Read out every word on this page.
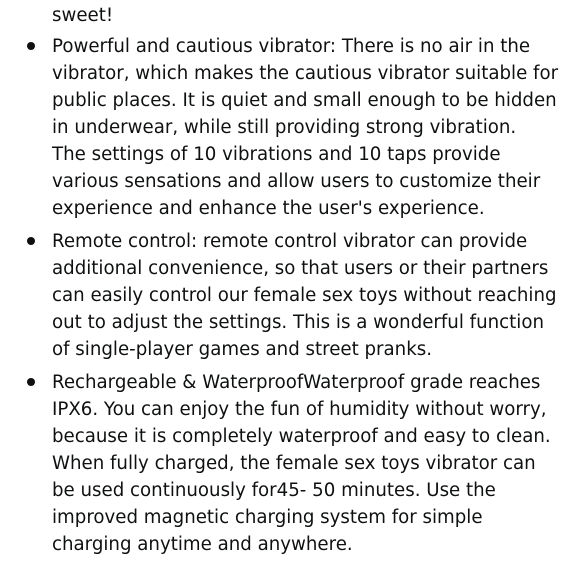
sweet!
Powerful and cautious vibrator: There is no air in the
vibrator, which makes the cautious vibrator suitable for
public places. It is quiet and small enough to be hidden
in underwear, while still providing strong vibration.
The settings of 10 vibrations and 10 taps provide
various sensations and allow users to customize their
experience and enhance the user's experience.
Remote control: remote control vibrator can provide
additional convenience, so that users or their partners
can easily control our female sex toys without reaching
out to adjust the settings. This is a wonderful function
of single-player games and street pranks.
Rechargeable & WaterproofWaterproof grade reaches
IPX6. You can enjoy the fun of humidity without worry,
because it is completely waterproof and easy to clean.
When fully charged, the female sex toys vibrator can
be used continuously for45- 50 minutes. Use the
improved magnetic charging system for simple
charging anytime and anywhere.
